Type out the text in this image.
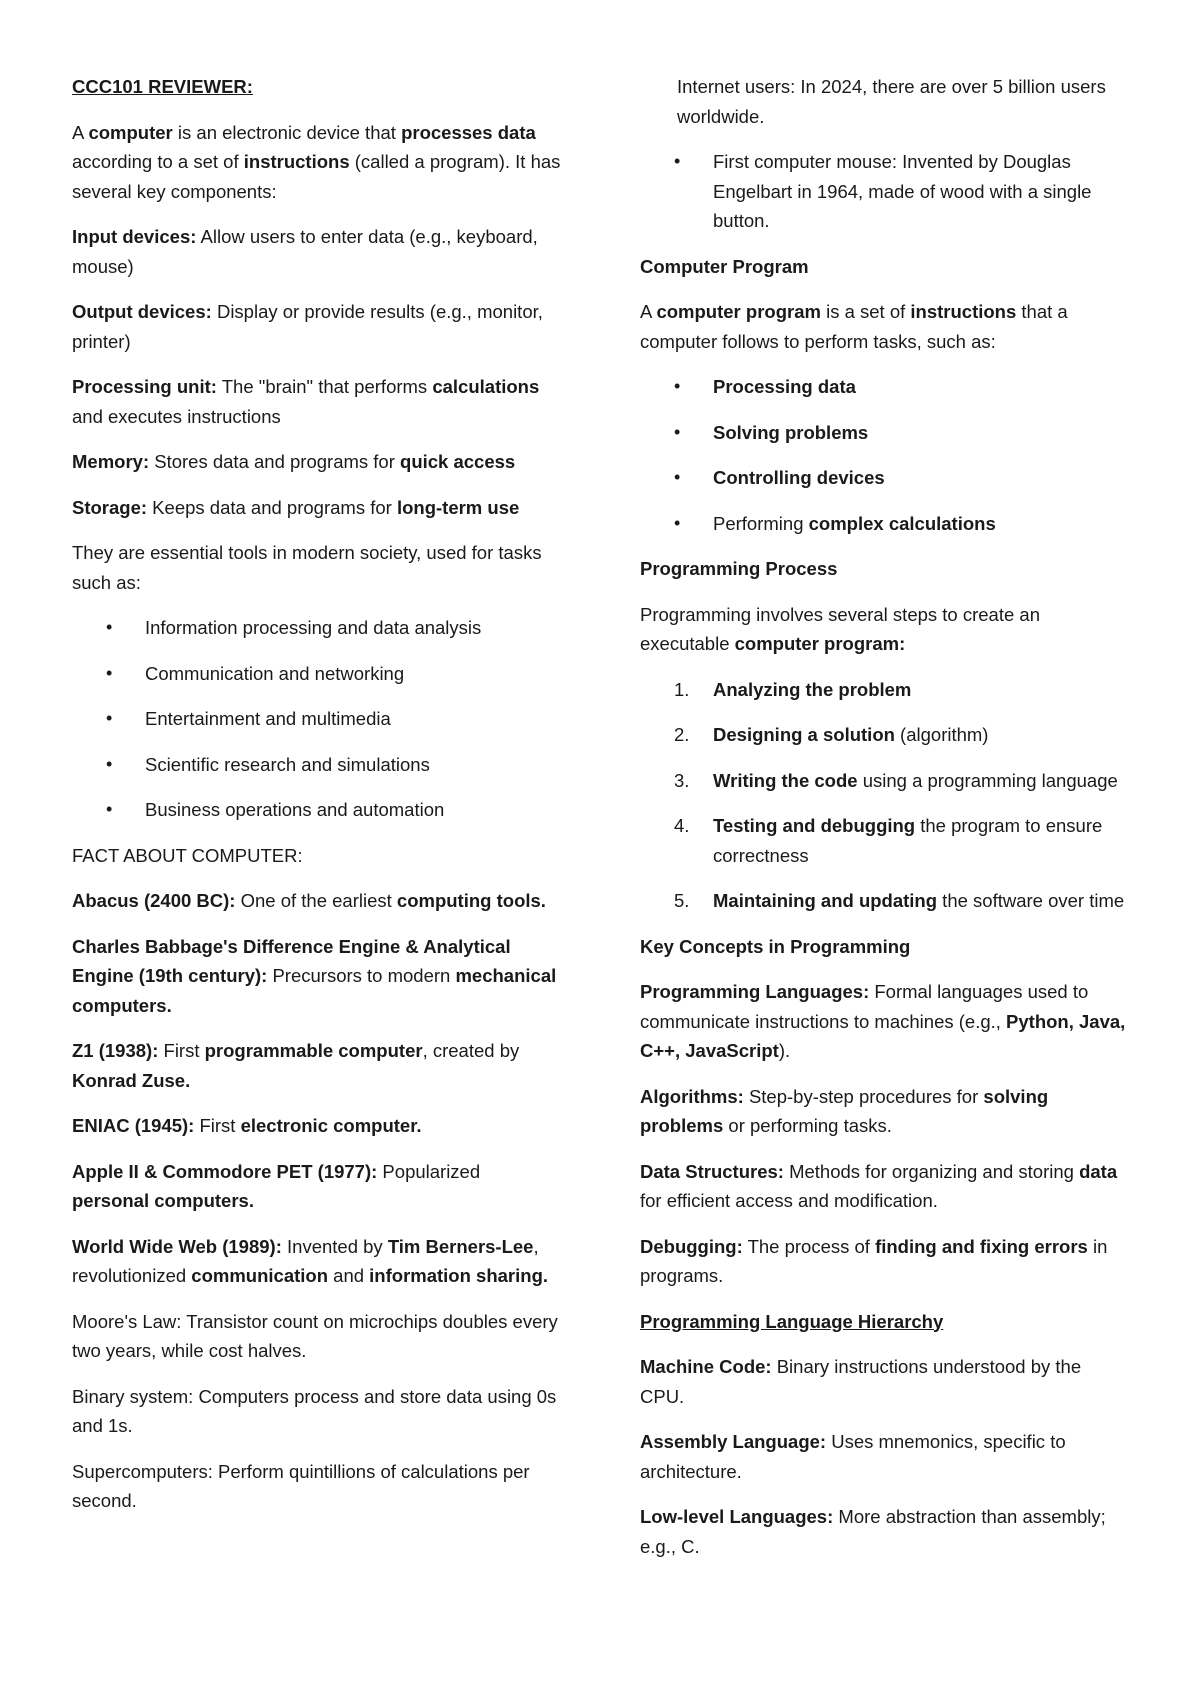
CCC101 REVIEWER:

A computer is an electronic device that processes data according to a set of instructions (called a program). It has several key components:

Input devices: Allow users to enter data (e.g., keyboard, mouse)

Output devices: Display or provide results (e.g., monitor, printer)

Processing unit: The "brain" that performs calculations and executes instructions

Memory: Stores data and programs for quick access

Storage: Keeps data and programs for long-term use

They are essential tools in modern society, used for tasks such as:

• Information processing and data analysis
• Communication and networking
• Entertainment and multimedia
• Scientific research and simulations
• Business operations and automation

FACT ABOUT COMPUTER:

Abacus (2400 BC): One of the earliest computing tools.

Charles Babbage's Difference Engine & Analytical Engine (19th century): Precursors to modern mechanical computers.

Z1 (1938): First programmable computer, created by Konrad Zuse.

ENIAC (1945): First electronic computer.

Apple II & Commodore PET (1977): Popularized personal computers.

World Wide Web (1989): Invented by Tim Berners-Lee, revolutionized communication and information sharing.

Moore's Law: Transistor count on microchips doubles every two years, while cost halves.

Binary system: Computers process and store data using 0s and 1s.

Supercomputers: Perform quintillions of calculations per second.

Internet users: In 2024, there are over 5 billion users worldwide.

• First computer mouse: Invented by Douglas Engelbart in 1964, made of wood with a single button.

Computer Program

A computer program is a set of instructions that a computer follows to perform tasks, such as:

• Processing data
• Solving problems
• Controlling devices
• Performing complex calculations

Programming Process

Programming involves several steps to create an executable computer program:

1. Analyzing the problem
2. Designing a solution (algorithm)
3. Writing the code using a programming language
4. Testing and debugging the program to ensure correctness
5. Maintaining and updating the software over time

Key Concepts in Programming

Programming Languages: Formal languages used to communicate instructions to machines (e.g., Python, Java, C++, JavaScript).

Algorithms: Step-by-step procedures for solving problems or performing tasks.

Data Structures: Methods for organizing and storing data for efficient access and modification.

Debugging: The process of finding and fixing errors in programs.

Programming Language Hierarchy

Machine Code: Binary instructions understood by the CPU.

Assembly Language: Uses mnemonics, specific to architecture.

Low-level Languages: More abstraction than assembly; e.g., C.
